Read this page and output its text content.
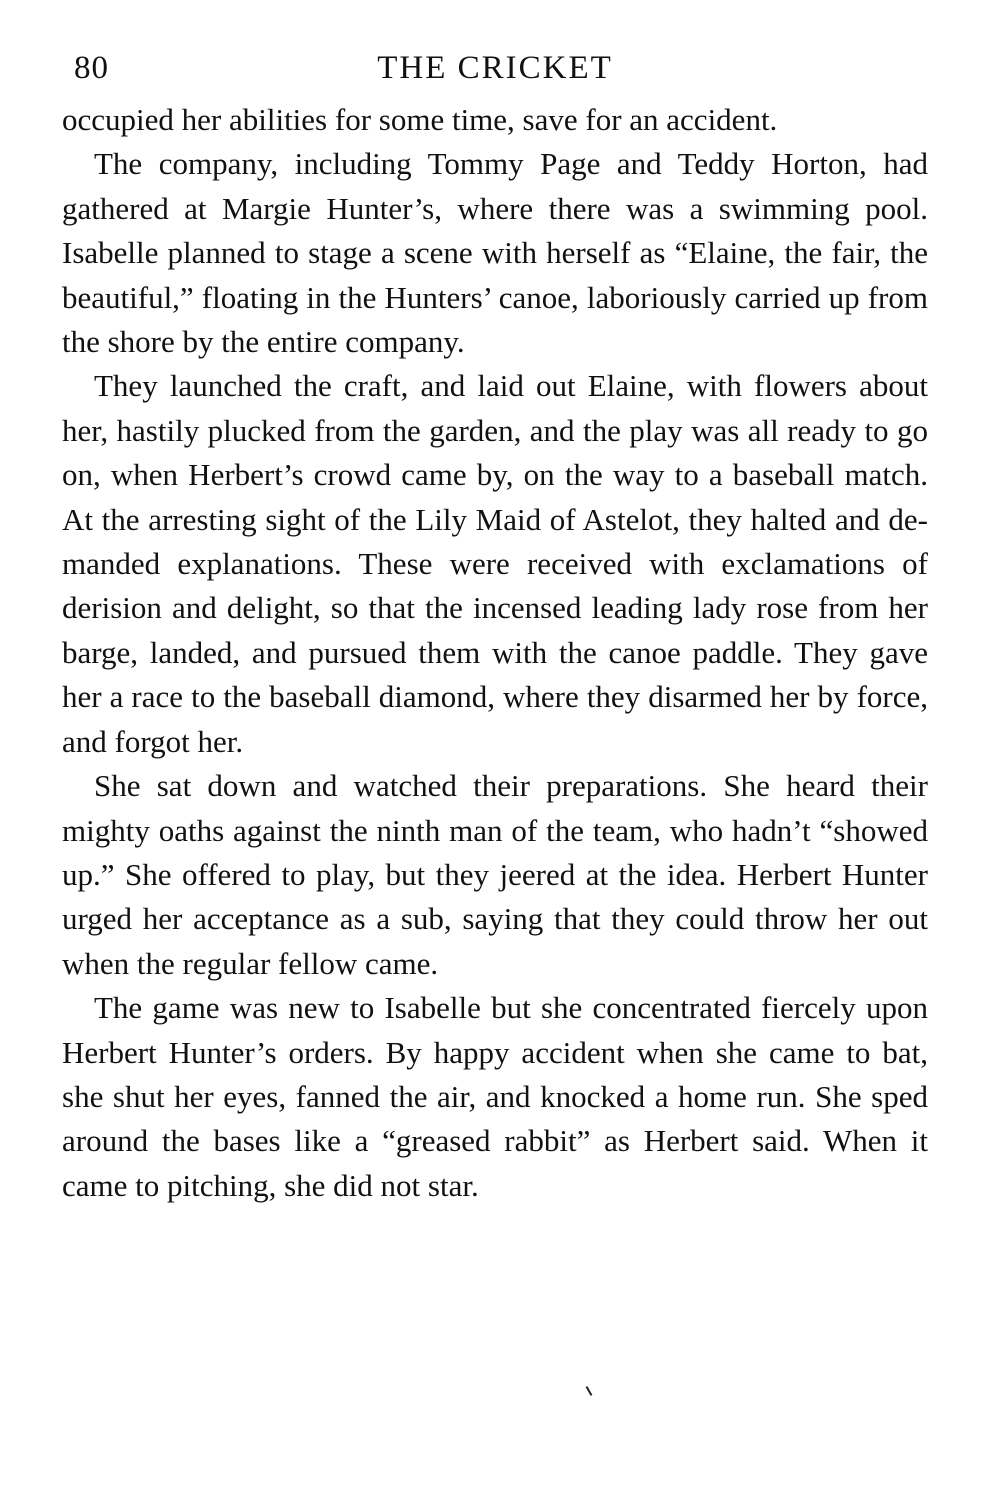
80	THE CRICKET

occupied her abilities for some time, save for an accident.

The company, including Tommy Page and Teddy Horton, had gathered at Margie Hunter’s, where there was a swimming pool. Isabelle planned to stage a scene with herself as “Elaine, the fair, the beautiful,” floating in the Hunters’ canoe, laboriously carried up from the shore by the entire company.

They launched the craft, and laid out Elaine, with flowers about her, hastily plucked from the garden, and the play was all ready to go on, when Herbert’s crowd came by, on the way to a baseball match. At the arresting sight of the Lily Maid of Astelot, they halted and demanded explanations. These were received with exclamations of derision and delight, so that the incensed leading lady rose from her barge, landed, and pursued them with the canoe paddle. They gave her a race to the baseball diamond, where they disarmed her by force, and forgot her.

She sat down and watched their preparations. She heard their mighty oaths against the ninth man of the team, who hadn’t “showed up.” She offered to play, but they jeered at the idea. Herbert Hunter urged her acceptance as a sub, saying that they could throw her out when the regular fellow came.

The game was new to Isabelle but she concentrated fiercely upon Herbert Hunter’s orders. By happy accident when she came to bat, she shut her eyes, fanned the air, and knocked a home run. She sped around the bases like a “greased rabbit” as Herbert said. When it came to pitching, she did not star.
